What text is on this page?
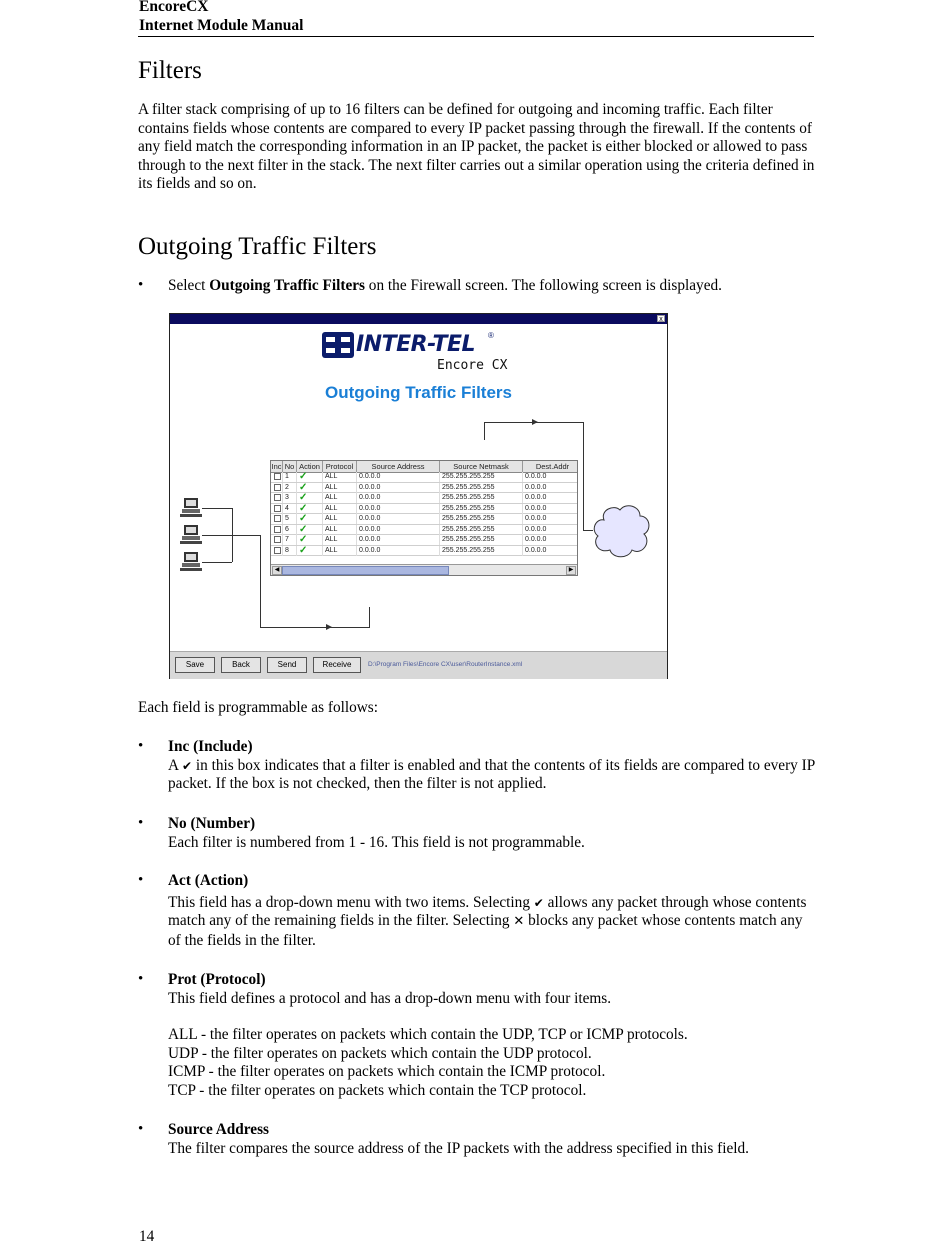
EncoreCX
Internet Module Manual
Filters
A filter stack comprising of up to 16 filters can be defined for outgoing and incoming traffic. Each filter contains fields whose contents are compared to every IP packet passing through the firewall. If the contents of any field match the corresponding information in an IP packet, the packet is either blocked or allowed to pass through to the next filter in the stack. The next filter carries out a similar operation using the criteria defined in its fields and so on.
Outgoing Traffic Filters
• Select Outgoing Traffic Filters on the Firewall screen. The following screen is displayed.
x
INTER-TEL ®
Encore CX
Outgoing Traffic Filters
Inc No Action Protocol	Source Address	Source Netmask	Dest.Addr
1	✓	ALL	0.0.0.0	255.255.255.255	0.0.0.0
2	✓	ALL	0.0.0.0	255.255.255.255	0.0.0.0
3	✓	ALL	0.0.0.0	255.255.255.255	0.0.0.0
4	✓	ALL	0.0.0.0	255.255.255.255	0.0.0.0
5	✓	ALL	0.0.0.0	255.255.255.255	0.0.0.0
6	✓	ALL	0.0.0.0	255.255.255.255	0.0.0.0
7	✓	ALL	0.0.0.0	255.255.255.255	0.0.0.0
8	✓	ALL	0.0.0.0	255.255.255.255	0.0.0.0
◀	▶
Save	Back	Send	Receive	D:\Program Files\Encore CX\user\RouterInstance.xml
Each field is programmable as follows:
• Inc (Include)
A ✔ in this box indicates that a filter is enabled and that the contents of its fields are compared to every IP packet. If the box is not checked, then the filter is not applied.
• No (Number)
Each filter is numbered from 1 - 16. This field is not programmable.
• Act (Action)
This field has a drop-down menu with two items. Selecting ✔ allows any packet through whose contents match any of the remaining fields in the filter. Selecting ✕ blocks any packet whose contents match any of the fields in the filter.
• Prot (Protocol)
This field defines a protocol and has a drop-down menu with four items.
ALL - the filter operates on packets which contain the UDP, TCP or ICMP protocols.
UDP - the filter operates on packets which contain the UDP protocol.
ICMP - the filter operates on packets which contain the ICMP protocol.
TCP - the filter operates on packets which contain the TCP protocol.
• Source Address
The filter compares the source address of the IP packets with the address specified in this field.
14
